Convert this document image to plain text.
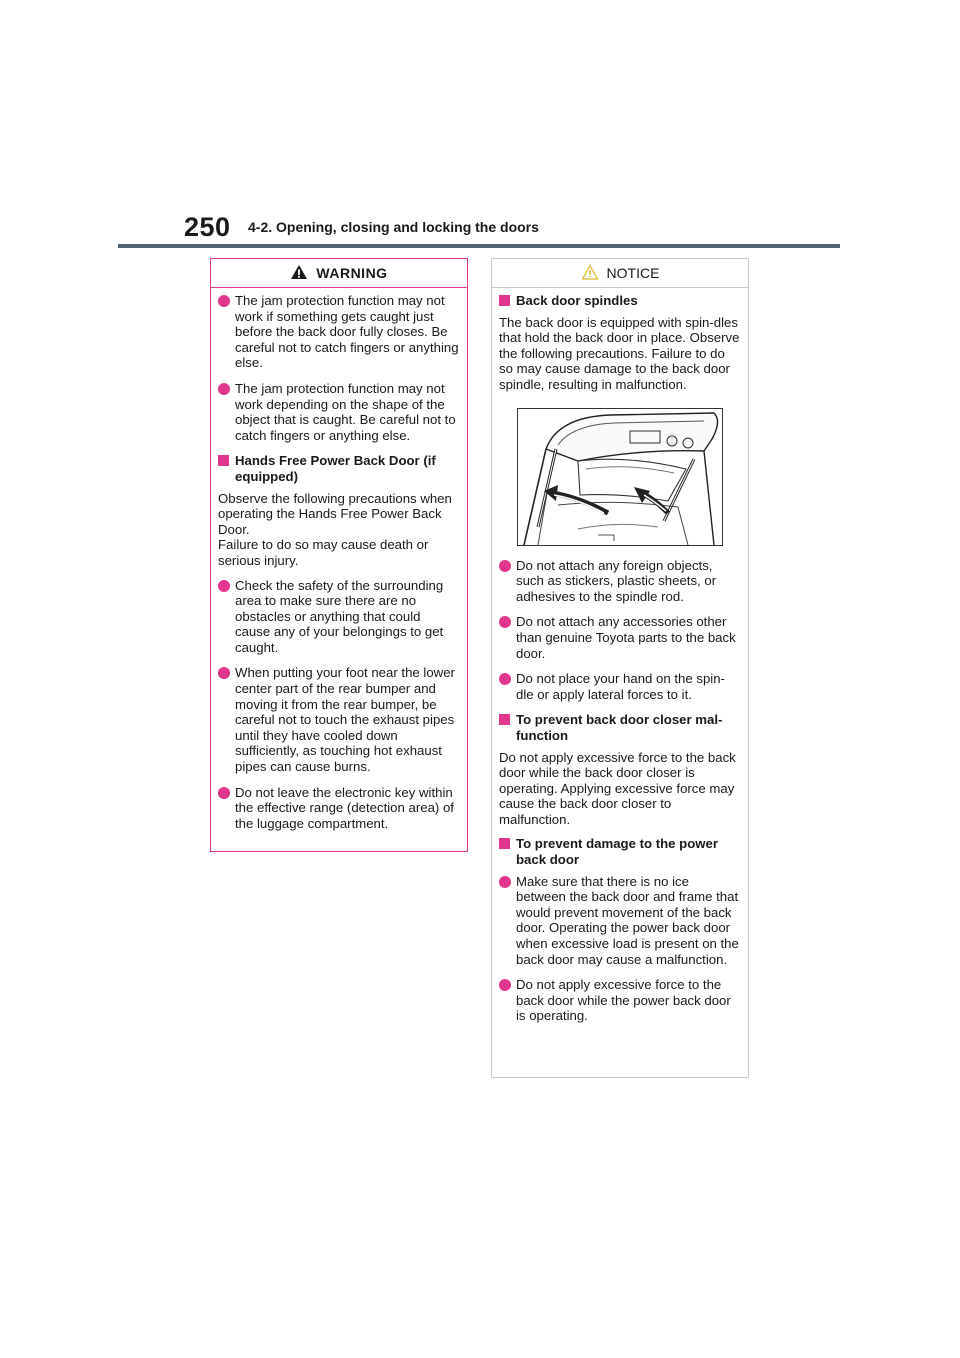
250 4-2. Opening, closing and locking the doors
WARNING
The jam protection function may not work if something gets caught just before the back door fully closes. Be careful not to catch fingers or anything else.
The jam protection function may not work depending on the shape of the object that is caught. Be careful not to catch fingers or anything else.
Hands Free Power Back Door (if equipped)
Observe the following precautions when operating the Hands Free Power Back Door.
Failure to do so may cause death or serious injury.
Check the safety of the surrounding area to make sure there are no obstacles or anything that could cause any of your belongings to get caught.
When putting your foot near the lower center part of the rear bumper and moving it from the rear bumper, be careful not to touch the exhaust pipes until they have cooled down sufficiently, as touching hot exhaust pipes can cause burns.
Do not leave the electronic key within the effective range (detection area) of the luggage compartment.
NOTICE
Back door spindles
The back door is equipped with spin-dles that hold the back door in place. Observe the following precautions. Failure to do so may cause damage to the back door spindle, resulting in malfunction.
Do not attach any foreign objects, such as stickers, plastic sheets, or adhesives to the spindle rod.
Do not attach any accessories other than genuine Toyota parts to the back door.
Do not place your hand on the spin-dle or apply lateral forces to it.
To prevent back door closer mal-function
Do not apply excessive force to the back door while the back door closer is operating. Applying excessive force may cause the back door closer to malfunction.
To prevent damage to the power back door
Make sure that there is no ice between the back door and frame that would prevent movement of the back door. Operating the power back door when excessive load is present on the back door may cause a malfunction.
Do not apply excessive force to the back door while the power back door is operating.
